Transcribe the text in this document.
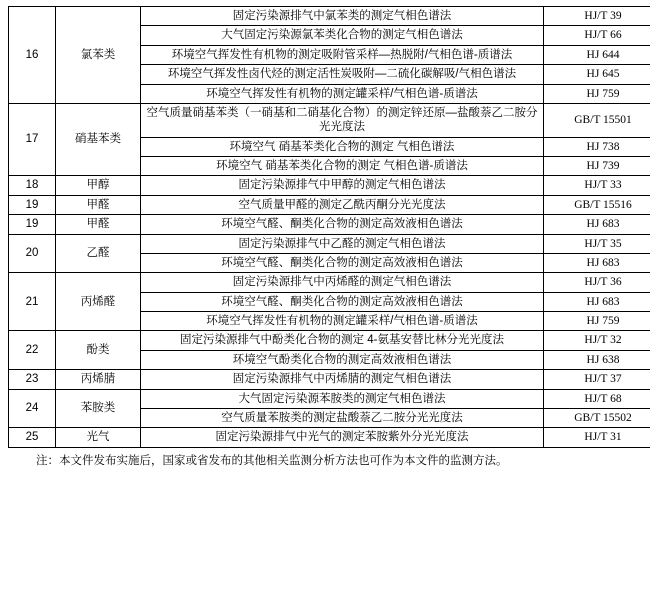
16	氯苯类	固定污染源排气中氯苯类的测定气相色谱法	HJ/T 39
		大气固定污染源氯苯类化合物的测定气相色谱法	HJ/T 66
		环境空气挥发性有机物的测定吸附管采样—热脱附/气相色谱-质谱法	HJ 644
		环境空气挥发性卤代烃的测定活性炭吸附—二硫化碳解吸/气相色谱法	HJ 645
		环境空气挥发性有机物的测定罐采样/气相色谱-质谱法	HJ 759
17	硝基苯类	空气质量硝基苯类（一硝基和二硝基化合物）的测定锌还原—盐酸萘乙二胺分光光度法	GB/T 15501
		环境空气 硝基苯类化合物的测定 气相色谱法	HJ 738
		环境空气 硝基苯类化合物的测定 气相色谱-质谱法	HJ 739
18	甲醇	固定污染源排气中甲醇的测定气相色谱法	HJ/T 33
19	甲醛	空气质量甲醛的测定乙酰丙酮分光光度法	GB/T 15516
19	甲醛	环境空气醛、酮类化合物的测定高效液相色谱法	HJ 683
20	乙醛	固定污染源排气中乙醛的测定气相色谱法	HJ/T 35
		环境空气醛、酮类化合物的测定高效液相色谱法	HJ 683
21	丙烯醛	固定污染源排气中丙烯醛的测定气相色谱法	HJ/T 36
		环境空气醛、酮类化合物的测定高效液相色谱法	HJ 683
		环境空气挥发性有机物的测定罐采样/气相色谱-质谱法	HJ 759
22	酚类	固定污染源排气中酚类化合物的测定 4-氨基安替比林分光光度法	HJ/T 32
		环境空气酚类化合物的测定高效液相色谱法	HJ 638
23	丙烯腈	固定污染源排气中丙烯腈的测定气相色谱法	HJ/T 37
24	苯胺类	大气固定污染源苯胺类的测定气相色谱法	HJ/T 68
		空气质量苯胺类的测定盐酸萘乙二胺分光光度法	GB/T 15502
25	光气	固定污染源排气中光气的测定苯胺紫外分光光度法	HJ/T 31
注：本文件发布实施后，国家或省发布的其他相关监测分析方法也可作为本文件的监测方法。
